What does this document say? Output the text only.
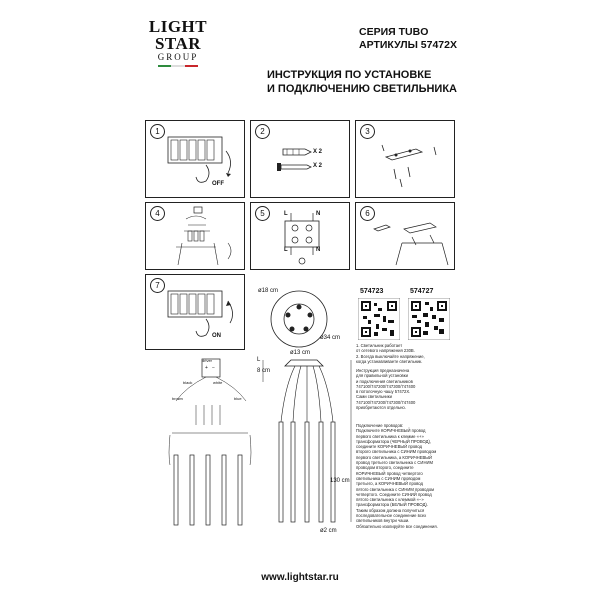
LIGHT
STAR
GROUP
СЕРИЯ TUBO
АРТИКУЛЫ 57472X
ИНСТРУКЦИЯ ПО УСТАНОВКЕ
И ПОДКЛЮЧЕНИЮ СВЕТИЛЬНИКА
1
OFF
2
X 2
X 2
3
4	5	L	N
L	N
6
7
ON
ø18 cm
ø34 cm
ø13 cm
L
8 cm
130 cm
ø2 cm
driver
+ −
black	white
brown	blue
574723	574727
1. Светильник работает
от сетевого напряжения 230В.
2. Всегда выключайте напряжение,
когда устанавливаете светильник.
Инструкция предназначена
для правильной установки
и подключения светильников
747100/747200/747300/747400
в потолочную чашу 57472X.
Сами светильники
747100/747200/747300/747400
приобретаются отдельно.
Подключение проводов:
Подключите КОРИЧНЕВЫЙ провод
первого светильника к клемме «+»
трансформатора (ЧЕРНЫЙ ПРОВОД),
соедините КОРИЧНЕВЫЙ провод
второго светильника с СИНИМ проводом
первого светильника, а КОРИЧНЕВЫЙ
провод третьего светильника с СИНИМ
проводом второго, соедините
КОРИЧНЕВЫЙ провод четвертого
светильника с СИНИМ проводом
третьего, а КОРИЧНЕВЫЙ провод
пятого светильника с СИНИМ проводом
четвертого. Соедините СИНИЙ провод
пятого светильника с клеммой «−»
трансформатора (БЕЛЫЙ ПРОВОД).
Таким образом должна получиться
последовательное соединение всех
светильников внутри чаши.
Обязательно изолируйте все соединения.
www.lightstar.ru
